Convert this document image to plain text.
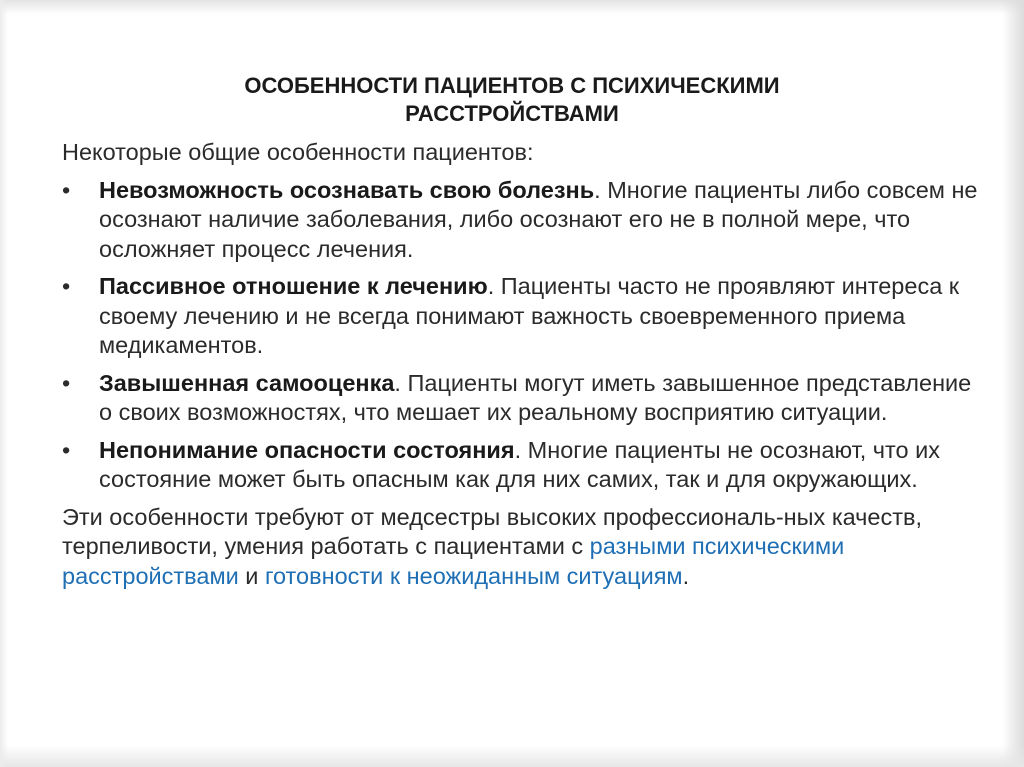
ОСОБЕННОСТИ ПАЦИЕНТОВ С ПСИХИЧЕСКИМИ
РАССТРОЙСТВАМИ

Некоторые общие особенности пациентов:

• Невозможность осознавать свою болезнь. Многие пациенты либо совсем не осознают наличие заболевания, либо осознают его не в полной мере, что осложняет процесс лечения.
• Пассивное отношение к лечению. Пациенты часто не проявляют интереса к своему лечению и не всегда понимают важность своевременного приема медикаментов.
• Завышенная самооценка. Пациенты могут иметь завышенное представление о своих возможностях, что мешает их реальному восприятию ситуации.
• Непонимание опасности состояния. Многие пациенты не осознают, что их состояние может быть опасным как для них самих, так и для окружающих.

Эти особенности требуют от медсестры высоких профессиональ-ных качеств, терпеливости, умения работать с пациентами с разными психическими расстройствами и готовности к неожиданным ситуациям.
